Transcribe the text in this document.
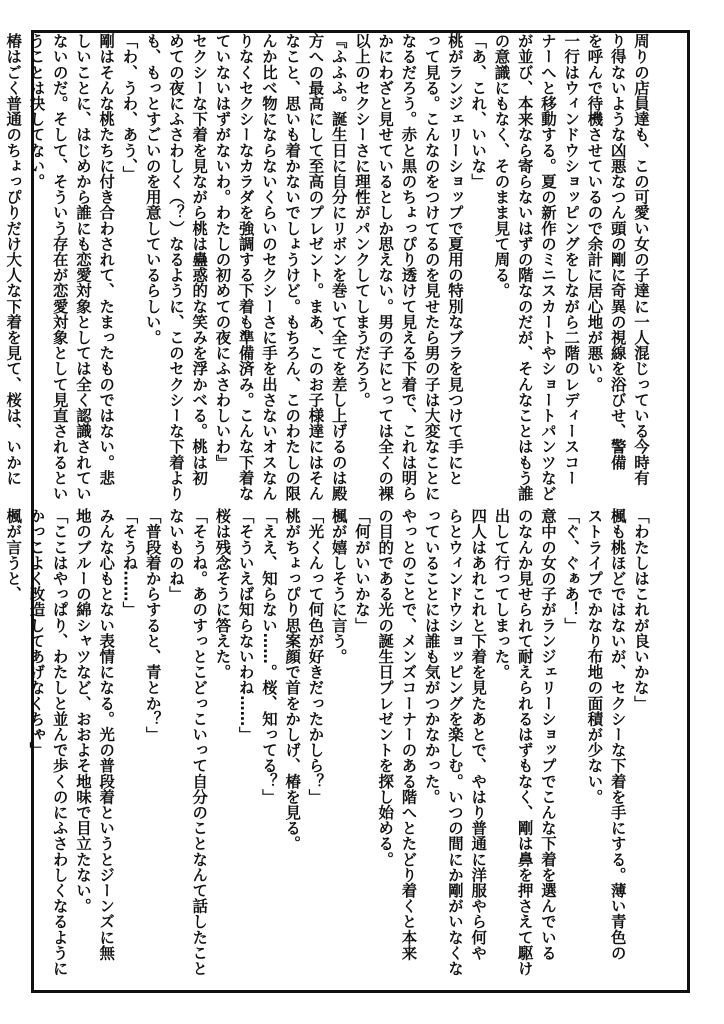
周りの店員達も、この可愛い女の子達に一人混じっている今時有
り得ないような凶悪なつん頭の剛に奇異の視線を浴びせ、警備
を呼んで待機させているので余計に居心地が悪い。
一行はウィンドウショッピングをしながら二階のレディースコー
ナーへと移動する。夏の新作のミニスカートやショートパンツなど
が並び、本来なら寄らないはずの階なのだが、そんなことはもう誰
の意識にもなく、そのまま見て周る。
「あ、これ、いいな」
桃がランジェリーショップで夏用の特別なブラを見つけて手にと
って見る。こんなのをつけてるのを見せたら男の子は大変なことに
なるだろう。赤と黒のちょっぴり透けて見える下着で、これは明ら
かにわざと見せているとしか思えない。男の子にとっては全くの裸
以上のセクシーさに理性がパンクしてしまうだろう。
『ふふふ。誕生日に自分にリボンを巻いて全てを差し上げるのは殿
方への最高にして至高のプレゼント。まあ、このお子様達にはそん
なこと、思いも着かないでしょうけど。もちろん、このわたしの限
んか比べ物にならないくらいのセクシーさに手を出さないオスなん
りなくセクシーなカラダを強調する下着も準備済み。こんな下着な
ていないはずがないわ。わたしの初めての夜にふさわしいわ』
セクシーな下着を見ながら桃は蠱惑的な笑みを浮かべる。桃は初
めての夜にふさわしく（？）なるように、このセクシーな下着より
も、もっとすごいのを用意しているらしい。
「わ、うわ、あう、」
剛はそんな桃たちに付き合わされて、たまったものではない。悲
しいことに、はじめから誰にも恋愛対象としては全く認識されてい
ないのだ。そして、そういう存在が恋愛対象として見直されるとい
うことは決してない。
椿はごく普通のちょっぴりだけ大人な下着を見て、桜は、いかに
「わたしはこれが良いかな」
楓も桃ほどではないが、セクシーな下着を手にする。薄い青色の
ストライプでかなり布地の面積が少ない。
「ぐ、ぐぁあ！」
意中の女の子がランジェリーショップでこんな下着を選んでいる
のなんか見せられて耐えられるはずもなく、剛は鼻を押さえて駆け
出して行ってしまった。
四人はあれこれと下着を見たあとで、やはり普通に洋服やら何や
らとウィンドウショッピングを楽しむ。いつの間にか剛がいなくな
っていることには誰も気がつかなかった。
やっとのことで、メンズコーナーのある階へとたどり着くと本来
の目的である光の誕生日プレゼントを探し始める。
「何がいいかな」
楓が嬉しそうに言う。
「光くんって何色が好きだったかしら？」
桃がちょっぴり思案顔で首をかしげ、椿を見る。
「ええ、知らない……。桜、知ってる？」
「そういえば知らないわね……」
桜は残念そうに答えた。
「そうね。あのすっとこどっこいって自分のことなんて話したこと
ないものね」
「普段着からすると、青とか？」
「そうね……」
みんな心もとない表情になる。光の普段着というとジーンズに無
地のブルーの綿シャツなど、おおよそ地味で目立たない。
「ここはやっぱり、わたしと並んで歩くのにふさわしくなるように
かっこよく改造してあげなくちゃ」
楓が言うと、
